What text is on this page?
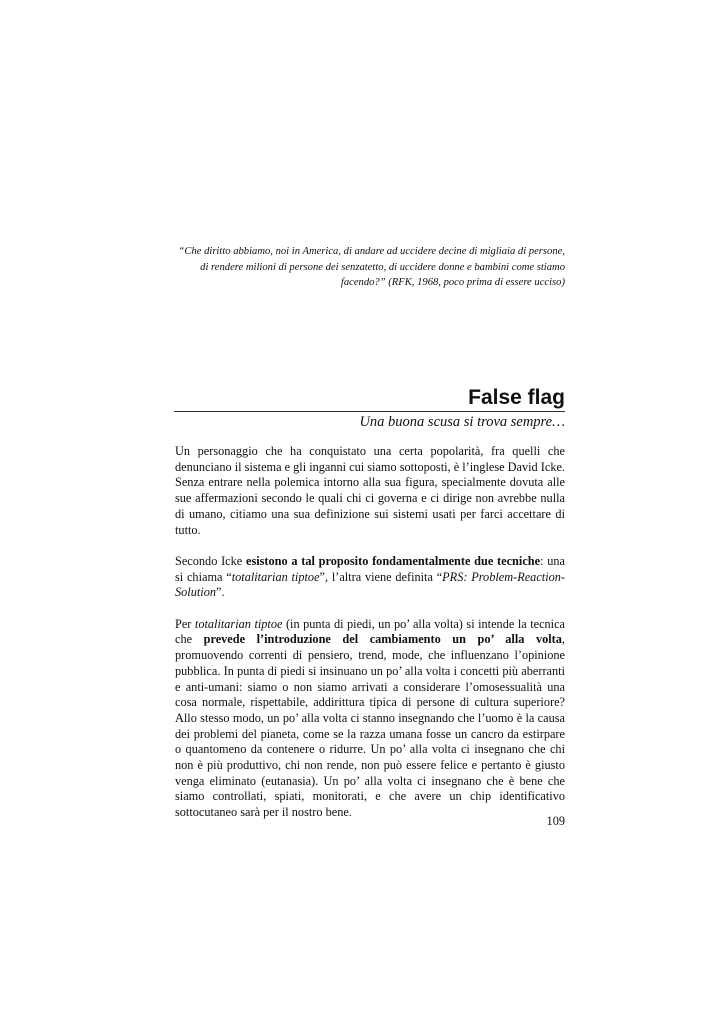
“Che diritto abbiamo, noi in America, di andare ad uccidere decine di migliaia di persone, di rendere milioni di persone dei senzatetto, di uccidere donne e bambini come stiamo facendo?” (RFK, 1968, poco prima di essere ucciso)
False flag
Una buona scusa si trova sempre…

Un personaggio che ha conquistato una certa popolarità, fra quelli che denunciano il sistema e gli inganni cui siamo sottoposti, è l’inglese David Icke. Senza entrare nella polemica intorno alla sua figura, specialmente dovuta alle sue affermazioni secondo le quali chi ci governa e ci dirige non avrebbe nulla di umano, citiamo una sua definizione sui sistemi usati per farci accettare di tutto.

Secondo Icke esistono a tal proposito fondamentalmente due tecniche: una si chiama “totalitarian tiptoe”, l’altra viene definita “PRS: Problem-Reaction-Solution”.

Per totalitarian tiptoe (in punta di piedi, un po’ alla volta) si intende la tecnica che prevede l’introduzione del cambiamento un po’ alla volta, promuovendo correnti di pensiero, trend, mode, che influenzano l’opinione pubblica. In punta di piedi si insinuano un po’ alla volta i concetti più aberranti e anti-umani: siamo o non siamo arrivati a considerare l’omosessualità una cosa normale, rispettabile, addirittura tipica di persone di cultura superiore? Allo stesso modo, un po’ alla volta ci stanno insegnando che l’uomo è la causa dei problemi del pianeta, come se la razza umana fosse un cancro da estirpare o quantomeno da contenere o ridurre. Un po’ alla volta ci insegnano che chi non è più produttivo, chi non rende, non può essere felice e pertanto è giusto venga eliminato (eutanasia). Un po’ alla volta ci insegnano che è bene che siamo controllati, spiati, monitorati, e che avere un chip identificativo sottocutaneo sarà per il nostro bene.

109
